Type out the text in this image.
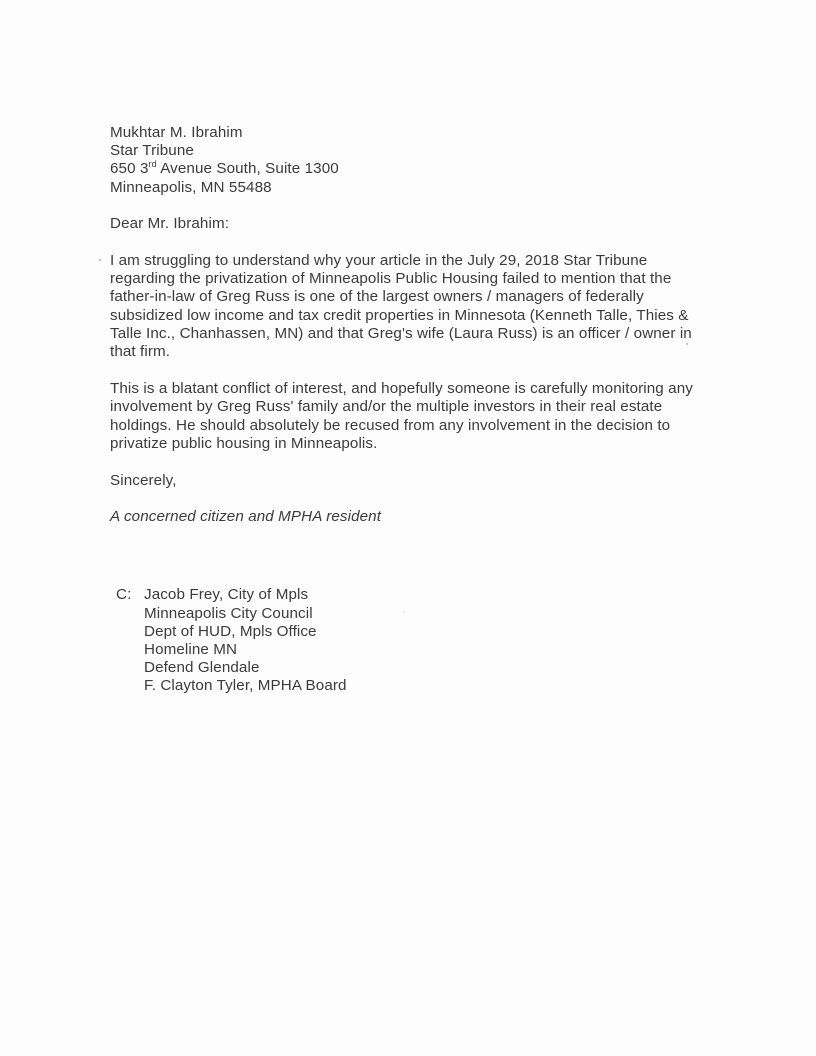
Mukhtar M. Ibrahim
Star Tribune
650 3rd Avenue South, Suite 1300
Minneapolis, MN 55488
Dear Mr. Ibrahim:
I am struggling to understand why your article in the July 29, 2018 Star Tribune
regarding the privatization of Minneapolis Public Housing failed to mention that the
father-in-law of Greg Russ is one of the largest owners / managers of federally
subsidized low income and tax credit properties in Minnesota (Kenneth Talle, Thies &
Talle Inc., Chanhassen, MN) and that Greg's wife (Laura Russ) is an officer / owner in
that firm.
This is a blatant conflict of interest, and hopefully someone is carefully monitoring any
involvement by Greg Russ' family and/or the multiple investors in their real estate
holdings. He should absolutely be recused from any involvement in the decision to
privatize public housing in Minneapolis.
Sincerely,
A concerned citizen and MPHA resident
C: Jacob Frey, City of Mpls
Minneapolis City Council
Dept of HUD, Mpls Office
Homeline MN
Defend Glendale
F. Clayton Tyler, MPHA Board
